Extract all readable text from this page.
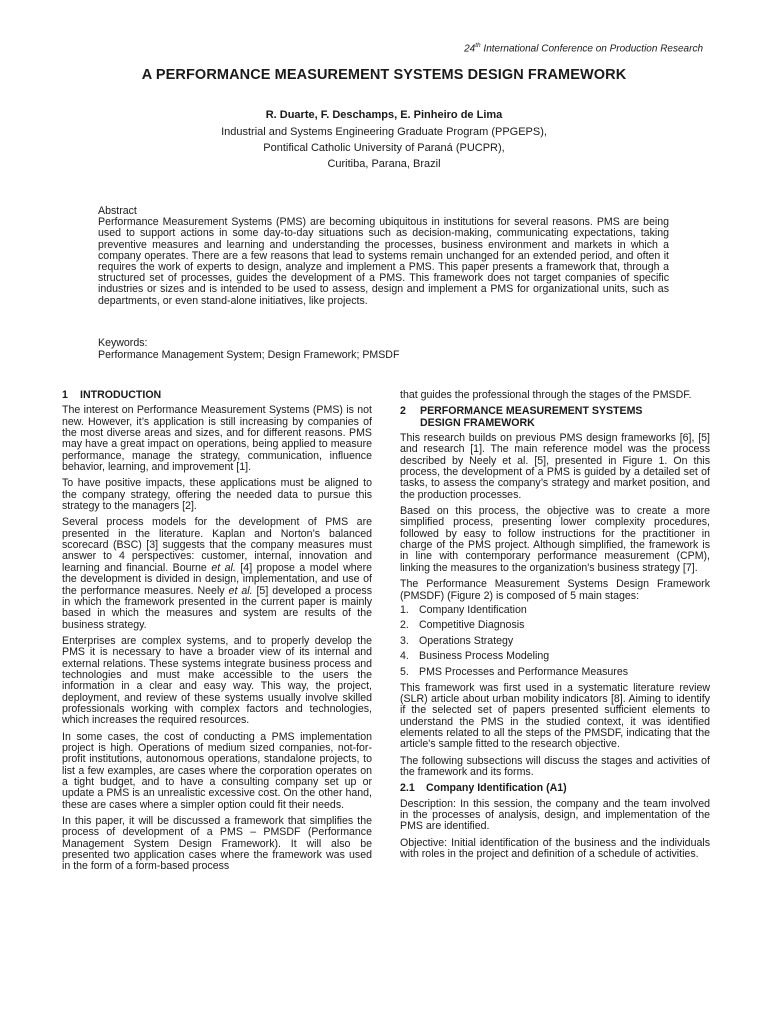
24th International Conference on Production Research
A PERFORMANCE MEASUREMENT SYSTEMS DESIGN FRAMEWORK
R. Duarte, F. Deschamps, E. Pinheiro de Lima
Industrial and Systems Engineering Graduate Program (PPGEPS),
Pontifical Catholic University of Paraná (PUCPR),
Curitiba, Parana, Brazil
Abstract
Performance Measurement Systems (PMS) are becoming ubiquitous in institutions for several reasons. PMS are being used to support actions in some day-to-day situations such as decision-making, communicating expectations, taking preventive measures and learning and understanding the processes, business environment and markets in which a company operates. There are a few reasons that lead to systems remain unchanged for an extended period, and often it requires the work of experts to design, analyze and implement a PMS. This paper presents a framework that, through a structured set of processes, guides the development of a PMS. This framework does not target companies of specific industries or sizes and is intended to be used to assess, design and implement a PMS for organizational units, such as departments, or even stand-alone initiatives, like projects.
Keywords:
Performance Management System; Design Framework; PMSDF
1	INTRODUCTION

The interest on Performance Measurement Systems (PMS) is not new. However, it’s application is still increasing by companies of the most diverse areas and sizes, and for different reasons. PMS may have a great impact on operations, being applied to measure performance, manage the strategy, communication, influence behavior, learning, and improvement [1].

To have positive impacts, these applications must be aligned to the company strategy, offering the needed data to pursue this strategy to the managers [2].

Several process models for the development of PMS are presented in the literature. Kaplan and Norton’s balanced scorecard (BSC) [3] suggests that the company measures must answer to 4 perspectives: customer, internal, innovation and learning and financial. Bourne et al. [4] propose a model where the development is divided in design, implementation, and use of the performance measures. Neely et al. [5] developed a process in which the framework presented in the current paper is mainly based in which the measures and system are results of the business strategy.

Enterprises are complex systems, and to properly develop the PMS it is necessary to have a broader view of its internal and external relations. These systems integrate business process and technologies and must make accessible to the users the information in a clear and easy way. This way, the project, deployment, and review of these systems usually involve skilled professionals working with complex factors and technologies, which increases the required resources.

In some cases, the cost of conducting a PMS implementation project is high. Operations of medium sized companies, not-for-profit institutions, autonomous operations, standalone projects, to list a few examples, are cases where the corporation operates on a tight budget, and to have a consulting company set up or update a PMS is an unrealistic excessive cost. On the other hand, these are cases where a simpler option could fit their needs.

In this paper, it will be discussed a framework that simplifies the process of development of a PMS – PMSDF (Performance Management System Design Framework). It will also be presented two application cases where the framework was used in the form of a form-based process

that guides the professional through the stages of the PMSDF.

2	PERFORMANCE MEASUREMENT SYSTEMS
DESIGN FRAMEWORK

This research builds on previous PMS design frameworks [6], [5] and research [1]. The main reference model was the process described by Neely et al. [5], presented in Figure 1. On this process, the development of a PMS is guided by a detailed set of tasks, to assess the company’s strategy and market position, and the production processes.

Based on this process, the objective was to create a more simplified process, presenting lower complexity procedures, followed by easy to follow instructions for the practitioner in charge of the PMS project. Although simplified, the framework is in line with contemporary performance measurement (CPM), linking the measures to the organization's business strategy [7].

The Performance Measurement Systems Design Framework (PMSDF) (Figure 2) is composed of 5 main stages:

1. Company Identification
2. Competitive Diagnosis
3. Operations Strategy
4. Business Process Modeling
5. PMS Processes and Performance Measures

This framework was first used in a systematic literature review (SLR) article about urban mobility indicators [8]. Aiming to identify if the selected set of papers presented sufficient elements to understand the PMS in the studied context, it was identified elements related to all the steps of the PMSDF, indicating that the article's sample fitted to the research objective.

The following subsections will discuss the stages and activities of the framework and its forms.

2.1	Company Identification (A1)

Description: In this session, the company and the team involved in the processes of analysis, design, and implementation of the PMS are identified.

Objective: Initial identification of the business and the individuals with roles in the project and definition of a schedule of activities.
